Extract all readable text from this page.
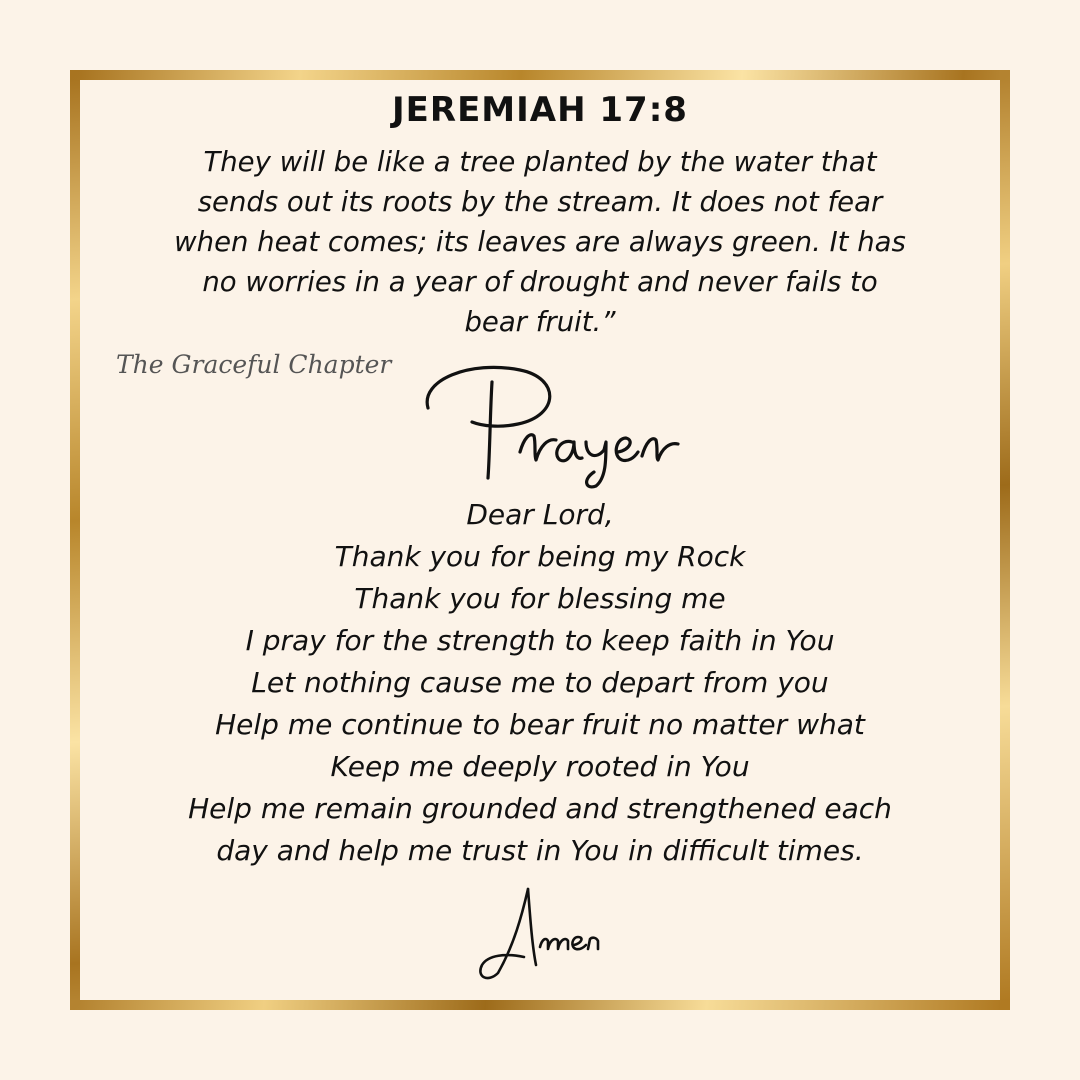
JEREMIAH 17:8
They will be like a tree planted by the water that
sends out its roots by the stream. It does not fear
when heat comes; its leaves are always green. It has
no worries in a year of drought and never fails to
bear fruit.”
The Graceful Chapter
Dear Lord,
Thank you for being my Rock
Thank you for blessing me
I pray for the strength to keep faith in You
Let nothing cause me to depart from you
Help me continue to bear fruit no matter what
Keep me deeply rooted in You
Help me remain grounded and strengthened each
day and help me trust in You in difficult times.
